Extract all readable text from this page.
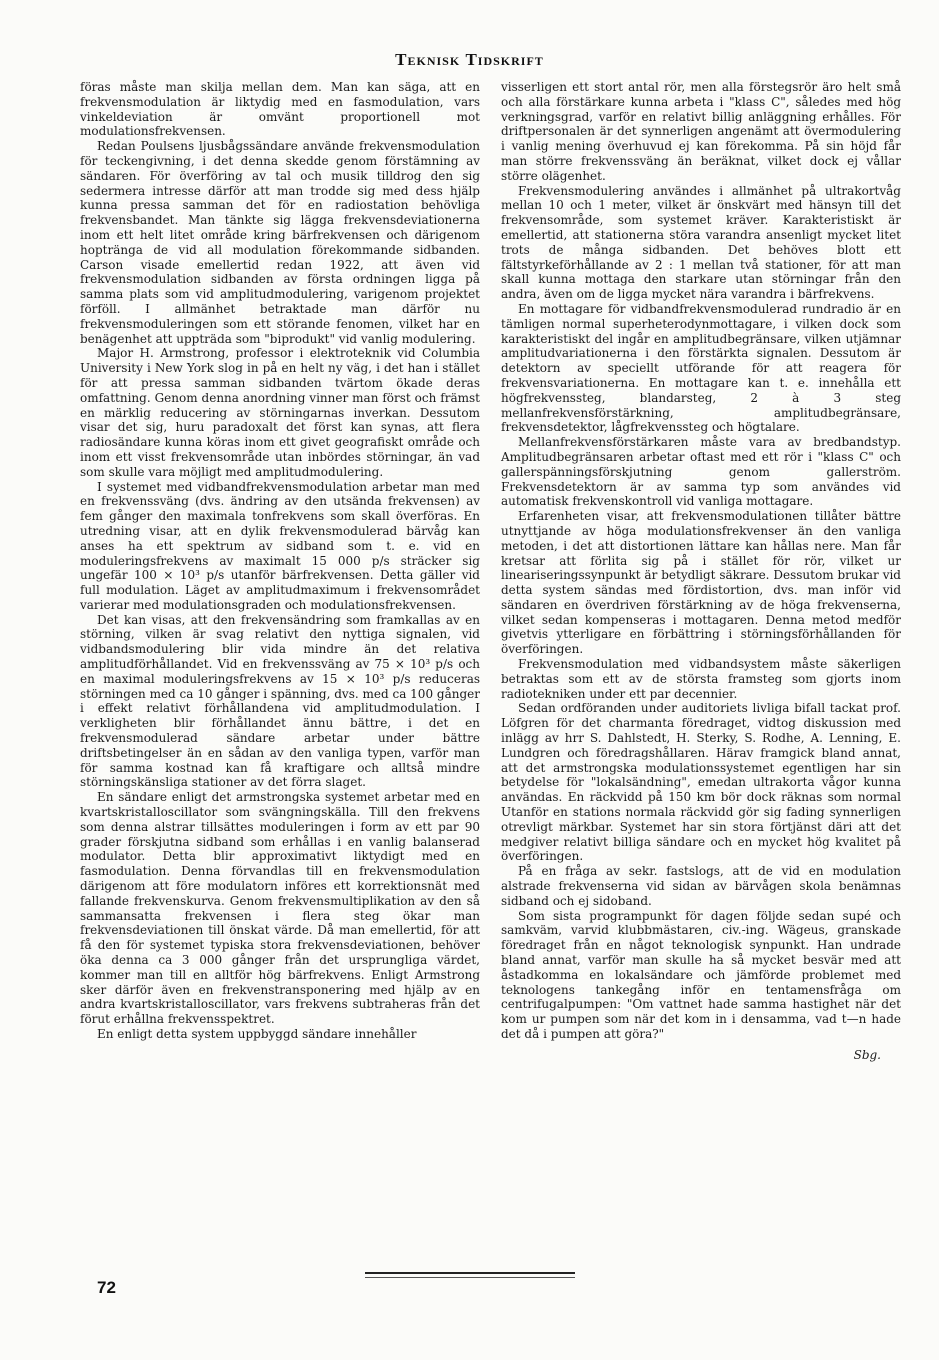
Teknisk Tidskrift

föras måste man skilja mellan dem. Man kan säga, att en frekvensmodulation är liktydig med en fasmodulation, vars vinkeldeviation är omvänt proportionell mot modulationsfrekvensen.

Redan Poulsens ljusbågssändare använde frekvensmodulation för teckengivning, i det denna skedde genom förstämning av sändaren. För överföring av tal och musik tilldrog den sig sedermera intresse därför att man trodde sig med dess hjälp kunna pressa samman det för en radiostation behövliga frekvensbandet. Man tänkte sig lägga frekvensdeviationerna inom ett helt litet område kring bärfrekvensen och därigenom hoptränga de vid all modulation förekommande sidbanden. Carson visade emellertid redan 1922, att även vid frekvensmodulation sidbanden av första ordningen ligga på samma plats som vid amplitudmodulering, varigenom projektet förföll. I allmänhet betraktade man därför nu frekvensmoduleringen som ett störande fenomen, vilket har en benägenhet att uppträda som "biprodukt" vid vanlig modulering.

Major H. Armstrong, professor i elektroteknik vid Columbia University i New York slog in på en helt ny väg, i det han i stället för att pressa samman sidbanden tvärtom ökade deras omfattning. Genom denna anordning vinner man först och främst en märklig reducering av störningarnas inverkan. Dessutom visar det sig, huru paradoxalt det först kan synas, att flera radiosändare kunna köras inom ett givet geografiskt område och inom ett visst frekvensområde utan inbördes störningar, än vad som skulle vara möjligt med amplitudmodulering.

I systemet med vidbandfrekvensmodulation arbetar man med en frekvenssväng (dvs. ändring av den utsända frekvensen) av fem gånger den maximala tonfrekvens som skall överföras. En utredning visar, att en dylik frekvensmodulerad bärvåg kan anses ha ett spektrum av sidband som t. e. vid en moduleringsfrekvens av maximalt 15 000 p/s sträcker sig ungefär 100 × 10³ p/s utanför bärfrekvensen. Detta gäller vid full modulation. Läget av amplitudmaximum i frekvensområdet varierar med modulationsgraden och modulationsfrekvensen.

Det kan visas, att den frekvensändring som framkallas av en störning, vilken är svag relativt den nyttiga signalen, vid vidbandsmodulering blir vida mindre än det relativa amplitudförhållandet. Vid en frekvenssväng av 75 × 10³ p/s och en maximal moduleringsfrekvens av 15 × 10³ p/s reduceras störningen med ca 10 gånger i spänning, dvs. med ca 100 gånger i effekt relativt förhållandena vid amplitudmodulation. I verkligheten blir förhållandet ännu bättre, i det en frekvensmodulerad sändare arbetar under bättre driftsbetingelser än en sådan av den vanliga typen, varför man för samma kostnad kan få kraftigare och alltså mindre störningskänsliga stationer av det förra slaget.

En sändare enligt det armstrongska systemet arbetar med en kvartskristalloscillator som svängningskälla. Till den frekvens som denna alstrar tillsättes moduleringen i form av ett par 90 grader förskjutna sidband som erhållas i en vanlig balanserad modulator. Detta blir approximativt liktydigt med en fasmodulation. Denna förvandlas till en frekvensmodulation därigenom att före modulatorn införes ett korrektionsnät med fallande frekvenskurva. Genom frekvensmultiplikation av den så sammansatta frekvensen i flera steg ökar man frekvensdeviationen till önskat värde. Då man emellertid, för att få den för systemet typiska stora frekvensdeviationen, behöver öka denna ca 3 000 gånger från det ursprungliga värdet, kommer man till en alltför hög bärfrekvens. Enligt Armstrong sker därför även en frekvenstransponering med hjälp av en andra kvartskristalloscillator, vars frekvens subtraheras från det förut erhållna frekvensspektret.

En enligt detta system uppbyggd sändare innehåller

visserligen ett stort antal rör, men alla förstegsrör äro helt små och alla förstärkare kunna arbeta i "klass C", således med hög verkningsgrad, varför en relativt billig anläggning erhålles. För driftpersonalen är det synnerligen angenämt att övermodulering i vanlig mening överhuvud ej kan förekomma. På sin höjd får man större frekvenssväng än beräknat, vilket dock ej vållar större olägenhet.

Frekvensmodulering användes i allmänhet på ultrakortvåg mellan 10 och 1 meter, vilket är önskvärt med hänsyn till det frekvensområde, som systemet kräver. Karakteristiskt är emellertid, att stationerna störa varandra ansenligt mycket litet trots de många sidbanden. Det behöves blott ett fältstyrkeförhållande av 2 : 1 mellan två stationer, för att man skall kunna mottaga den starkare utan störningar från den andra, även om de ligga mycket nära varandra i bärfrekvens.

En mottagare för vidbandfrekvensmodulerad rundradio är en tämligen normal superheterodynmottagare, i vilken dock som karakteristiskt del ingår en amplitudbegränsare, vilken utjämnar amplitudvariationerna i den förstärkta signalen. Dessutom är detektorn av speciellt utförande för att reagera för frekvensvariationerna. En mottagare kan t. e. innehålla ett högfrekvenssteg, blandarsteg, 2 à 3 steg mellanfrekvensförstärkning, amplitudbegränsare, frekvensdetektor, lågfrekvenssteg och högtalare.

Mellanfrekvensförstärkaren måste vara av bredbandstyp. Amplitudbegränsaren arbetar oftast med ett rör i "klass C" och gallerspänningsförskjutning genom gallerström. Frekvensdetektorn är av samma typ som användes vid automatisk frekvenskontroll vid vanliga mottagare.

Erfarenheten visar, att frekvensmodulationen tillåter bättre utnyttjande av höga modulationsfrekvenser än den vanliga metoden, i det att distortionen lättare kan hållas nere. Man får kretsar att förlita sig på i stället för rör, vilket ur lineariseringssynpunkt är betydligt säkrare. Dessutom brukar vid detta system sändas med fördistortion, dvs. man inför vid sändaren en överdriven förstärkning av de höga frekvenserna, vilket sedan kompenseras i mottagaren. Denna metod medför givetvis ytterligare en förbättring i störningsförhållanden för överföringen.

Frekvensmodulation med vidbandsystem måste säkerligen betraktas som ett av de största framsteg som gjorts inom radiotekniken under ett par decennier.

Sedan ordföranden under auditoriets livliga bifall tackat prof. Löfgren för det charmanta föredraget, vidtog diskussion med inlägg av hrr S. Dahlstedt, H. Sterky, S. Rodhe, A. Lenning, E. Lundgren och föredragshållaren. Härav framgick bland annat, att det armstrongska modulationssystemet egentligen har sin betydelse för "lokalsändning", emedan ultrakorta vågor kunna användas. En räckvidd på 150 km bör dock räknas som normal Utanför en stations normala räckvidd gör sig fading synnerligen otrevligt märkbar. Systemet har sin stora förtjänst däri att det medgiver relativt billiga sändare och en mycket hög kvalitet på överföringen.

På en fråga av sekr. fastslogs, att de vid en modulation alstrade frekvenserna vid sidan av bärvågen skola benämnas sidband och ej sidoband.

Som sista programpunkt för dagen följde sedan supé och samkväm, varvid klubbmästaren, civ.-ing. Wägeus, granskade föredraget från en något teknologisk synpunkt. Han undrade bland annat, varför man skulle ha så mycket besvär med att åstadkomma en lokalsändare och jämförde problemet med teknologens tankegång inför en tentamensfråga om centrifugalpumpen: "Om vattnet hade samma hastighet när det kom ur pumpen som när det kom in i densamma, vad t—n hade det då i pumpen att göra?"

Sbg.
72
